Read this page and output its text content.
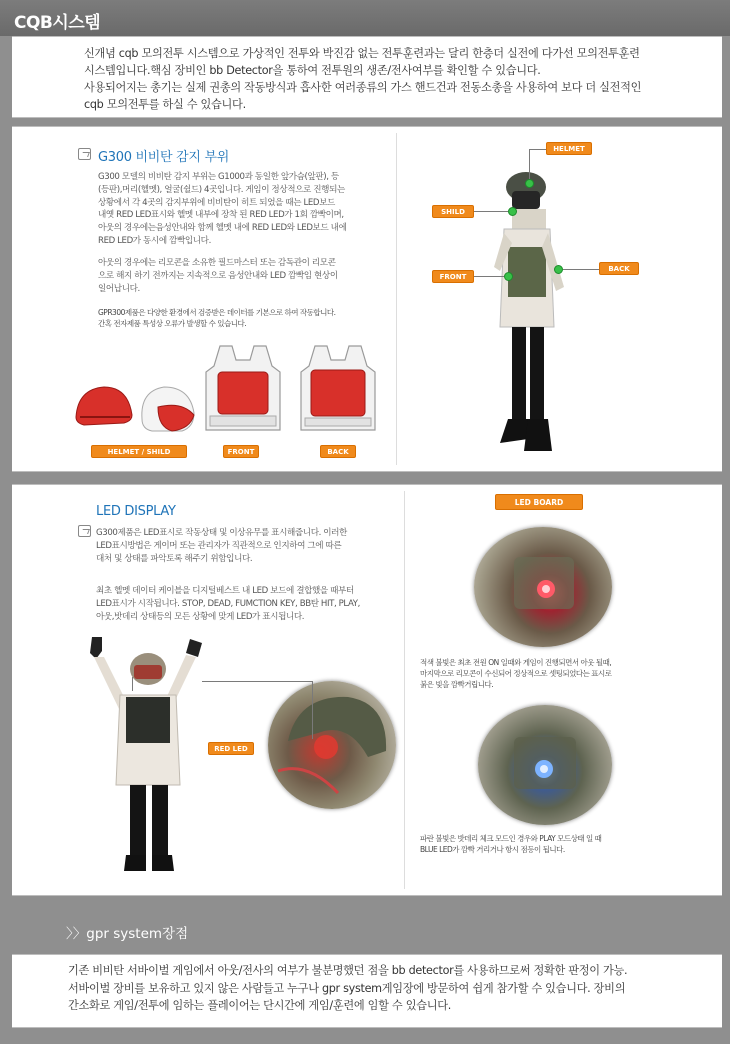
CQB시스템

신개념 cqb 모의전투 시스템으로 가상적인 전투와 박진감 없는 전투훈련과는 달리 한층더 실전에 다가선 모의전투훈련

시스템입니다.핵심 장비인 bb Detector을 통하여 전투원의 생존/전사여부를 확인할 수 있습니다.

사용되어지는 총기는 실제 권총의 작동방식과 흡사한 여러종류의 가스 핸드건과 전동소총을 사용하여 보다 더 실전적인

cqb 모의전투를 하실 수 있습니다.

G300 비비탄 감지 부위
G300 모델의 비비탄 감지 부위는 G1000과 동일한 앞가슴(앞판), 등
(등판),머리(헬멧), 얼굴(쉴드) 4곳입니다. 게임이 정상적으로 진행되는
상황에서 각 4곳의 감지부위에 비비탄이 히트 되었을 때는 LED보드
내옛 RED LED표시와 헬멧 내부에 장착 된 RED LED가 1회 깜빡이며,
아웃의 경우에는음성안내와 함께 헬멧 내에 RED LED와 LED보드 내에
RED LED가 동시에 깜빡입니다.
아웃의 경우에는 리모콘을 소유한 필드마스터 또는 감독관이 리모콘
으로 해지 하기 전까지는 지속적으로 음성안내와 LED 깜빡임 현상이
일어납니다.
GPR300제품은 다양한 환경에서 검증받은 데이터를 기본으로 하여 작동합니다.
간혹 전자제품 특성상 오류가 발생할 수 있습니다.
HELMET / SHILD	FRONT	BACK
HELMET
SHILD
FRONT
BACK
LED DISPLAY
G300제품은 LED표시로 작동상태 및 이상유무를 표시해줍니다. 이러한
LED표시방법은 게이머 또는 관리자가 직관적으로 인지하여 그에 따른
대처 및 상태를 파악토록 해주기 위함입니다.
최초 헬멧 데이터 케이블을 디지털베스트 내 LED 보드에 결합했을 때부터
LED표시가 시작됩니다. STOP, DEAD, FUMCTION KEY, BB탄 HIT, PLAY,
아웃,밧데리 상태등의 모든 상황에 맞게 LED가 표시됩니다.
RED LED
LED BOARD
적색 불빛은 최초 전원 ON 일때와 게임이 진행되면서 아웃 될때,
마지막으로 리모콘이 수신되어 정상적으로 셋팅되었다는 표시로
붉은 빛을 깜빡거립니다.
파란 불빛은 밧데리 체크 모드인 경우와 PLAY 모드상태 일 때
BLUE LED가 깜빡 거리거나 항시 점등이 됩니다.
〉〉gpr system장점

기존 비비탄 서바이벌 게임에서 아웃/전사의 여부가 불분명했던 점을 bb detector를 사용하므로써 정확한 판정이 가능.

서바이벌 장비를 보유하고 있지 않은 사람들고 누구나 gpr system게임장에 방문하여 쉽게 참가할 수 있습니다. 장비의

간소화로 게임/전투에 임하는 플레이어는 단시간에 게임/훈련에 임할 수 있습니다.
